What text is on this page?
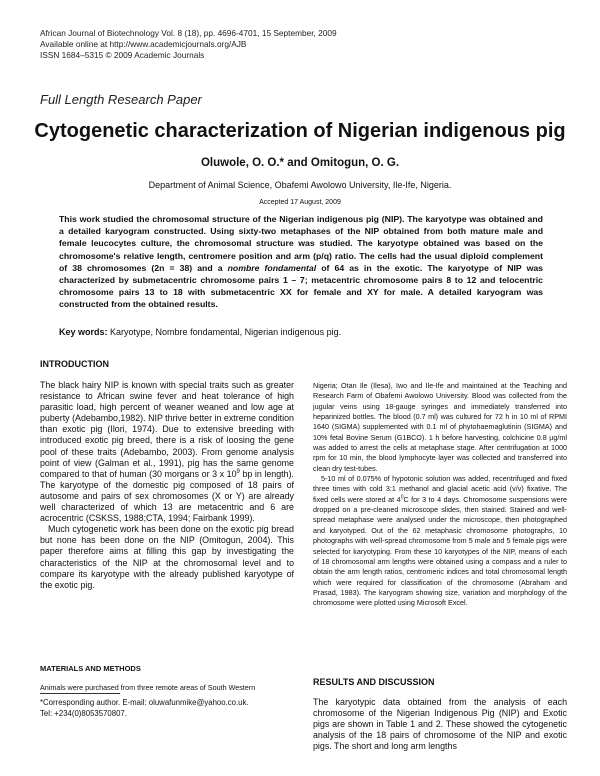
African Journal of Biotechnology Vol. 8 (18), pp. 4696-4701, 15 September, 2009
Available online at http://www.academicjournals.org/AJB
ISSN 1684–5315 © 2009 Academic Journals
Full Length Research Paper
Cytogenetic characterization of Nigerian indigenous pig
Oluwole, O. O.* and Omitogun, O. G.
Department of Animal Science, Obafemi Awolowo University, Ile-Ife, Nigeria.
Accepted 17 August, 2009
This work studied the chromosomal structure of the Nigerian indigenous pig (NIP). The karyotype was obtained and a detailed karyogram constructed. Using sixty-two metaphases of the NIP obtained from both mature male and female leucocytes culture, the chromosomal structure was studied. The karyotype obtained was based on the chromosome's relative length, centromere position and arm (p/q) ratio. The cells had the usual diploid complement of 38 chromosomes (2n = 38) and a nombre fondamental of 64 as in the exotic. The karyotype of NIP was characterized by submetacentric chromosome pairs 1 – 7; metacentric chromosome pairs 8 to 12 and telocentric chromosome pairs 13 to 18 with submetacentric XX for female and XY for male. A detailed karyogram was constructed from the obtained results.
Key words: Karyotype, Nombre fondamental, Nigerian indigenous pig.
INTRODUCTION

The black hairy NIP is known with special traits such as greater resistance to African swine fever and heat tolerance of high parasitic load, high percent of weaner weaned and low age at puberty (Adebambo,1982). NIP thrive better in extreme condition than exotic pig (Ilori, 1974). Due to extensive breeding with introduced exotic pig breed, there is a risk of loosing the gene pool of these traits (Adebambo, 2003). From genome analysis point of view (Galman et al., 1991), pig has the same genome compared to that of human (30 morgans or 3 x $10^9$ bp in length). The karyotype of the domestic pig composed of 18 pairs of autosome and pairs of sex chromosomes (X or Y) are already well characterized of which 13 are metacentric and 6 are acrocentric (CSKSS, 1988;CTA, 1994; Fairbank 1999).

Much cytogenetic work has been done on the exotic pig bread but none has been done on the NIP (Omitogun, 2004). This paper therefore aims at filling this gap by investigating the characteristics of the NIP at the chromosomal level and to compare its karyotype with the already published karyotype of the exotic pig.

MATERIALS AND METHODS
Animals were purchased from three remote areas of South Western
*Corresponding author. E-mail: oluwafunmike@yahoo.co.uk.
Tel: +234(0)8053570807.

Nigeria; Otan Ile (Ilesa), Iwo and Ile-Ife and maintained at the Teaching and Research Farm of Obafemi Awolowo University. Blood was collected from the jugular veins using 18-gauge syringes and immediately transferred into heparinized bottles. The blood (0.7 ml) was cultured for 72 h in 10 ml of RPMI 1640 (SIGMA) supplemented with 0.1 ml of phytohaemaglutinin (SIGMA) and 10% fetal Bovine Serum (G1BCO). 1 h before harvesting, colchicine 0.8 µg/ml was added to arrest the cells at metaphase stage. After centrifugation at 1000 rpm for 10 min, the blood lymphocyte layer was collected and transferred into clean dry test-tubes.

5-10 ml of 0.075% of hypotonic solution was added, recentrifuged and fixed three times with cold 3:1 methanol and glacial acetic acid (v/v) fixative. The fixed cells were stored at $4^0C$ for 3 to 4 days. Chromosome suspensions were dropped on a pre-cleaned microscope slides, then stained. Stained and well-spread metaphase were analysed under the microscope, then photographed and karyotyped. Out of the 62 metaphasic chromosome photographs, 10 photographs with well-spread chromosome from 5 male and 5 female pigs were selected for karyotyping. From these 10 karyotypes of the NIP, means of each of 18 chromosomal arm lengths were obtained using a compass and a ruler to obtain the arm length ratios, centromeric indices and total chromosomal length which were required for classification of the chromosome (Abraham and Prasad, 1983). The karyogram showing size, variation and morphology of the chromosome were plotted using Microsoft Excel.

RESULTS AND DISCUSSION
The karyotypic data obtained from the analysis of each chromosome of the Nigerian Indigenous Pig (NIP) and Exotic pigs are shown in Table 1 and 2. These showed the cytogenetic analysis of the 18 pairs of chromosome of the NIP and exotic pigs. The short and long arm lengths
